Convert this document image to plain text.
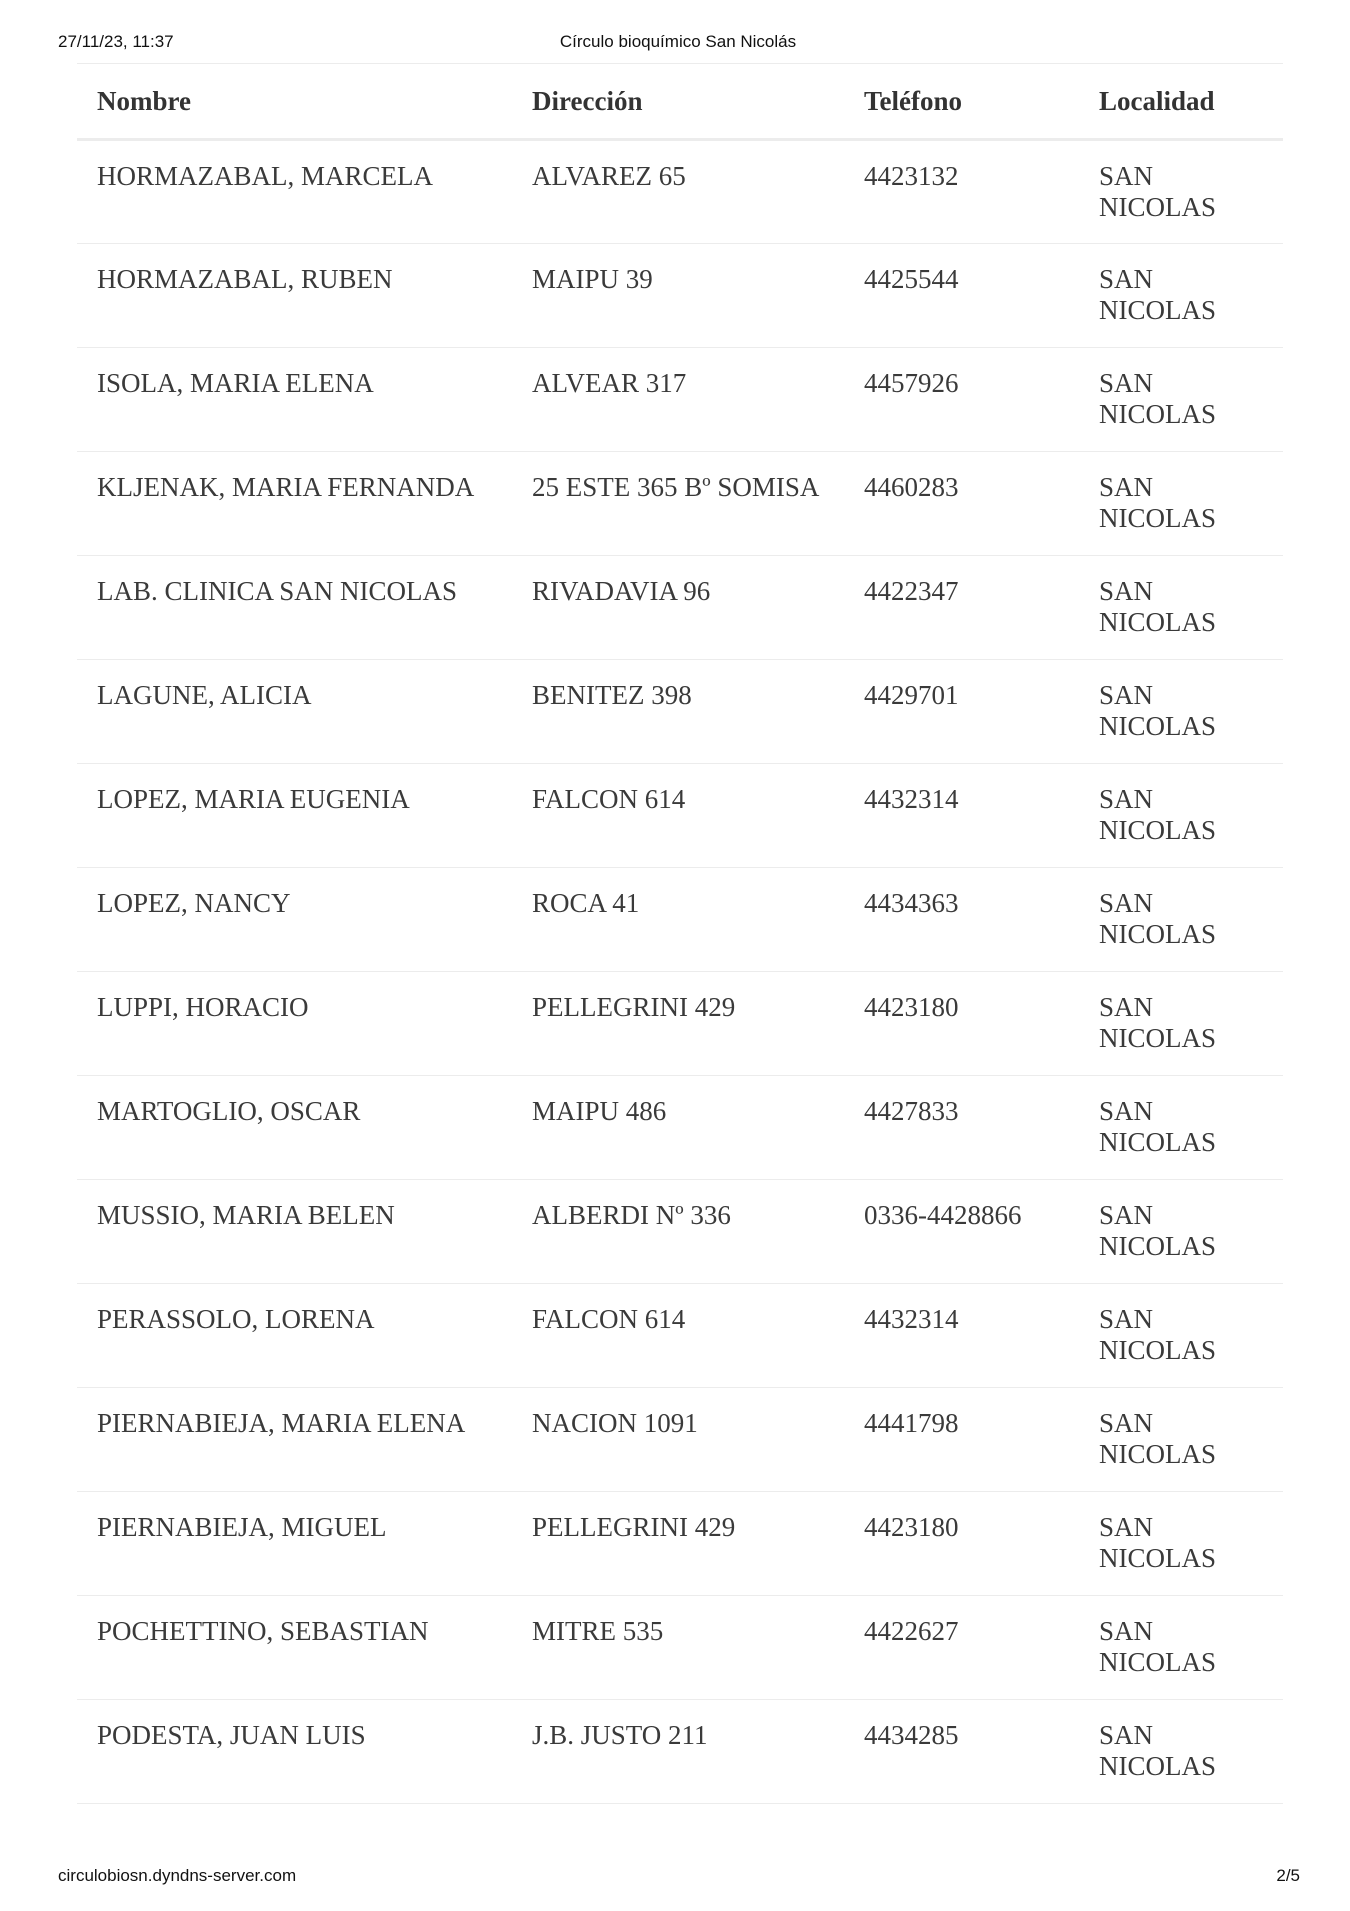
27/11/23, 11:37	Círculo bioquímico San Nicolás
Nombre	Dirección	Teléfono	Localidad
HORMAZABAL, MARCELA	ALVAREZ 65	4423132	SAN NICOLAS
HORMAZABAL, RUBEN	MAIPU 39	4425544	SAN NICOLAS
ISOLA, MARIA ELENA	ALVEAR 317	4457926	SAN NICOLAS
KLJENAK, MARIA FERNANDA	25 ESTE 365 Bº SOMISA	4460283	SAN NICOLAS
LAB. CLINICA SAN NICOLAS	RIVADAVIA 96	4422347	SAN NICOLAS
LAGUNE, ALICIA	BENITEZ 398	4429701	SAN NICOLAS
LOPEZ, MARIA EUGENIA	FALCON 614	4432314	SAN NICOLAS
LOPEZ, NANCY	ROCA 41	4434363	SAN NICOLAS
LUPPI, HORACIO	PELLEGRINI 429	4423180	SAN NICOLAS
MARTOGLIO, OSCAR	MAIPU 486	4427833	SAN NICOLAS
MUSSIO, MARIA BELEN	ALBERDI Nº 336	0336-4428866	SAN NICOLAS
PERASSOLO, LORENA	FALCON 614	4432314	SAN NICOLAS
PIERNABIEJA, MARIA ELENA	NACION 1091	4441798	SAN NICOLAS
PIERNABIEJA, MIGUEL	PELLEGRINI 429	4423180	SAN NICOLAS
POCHETTINO, SEBASTIAN	MITRE 535	4422627	SAN NICOLAS
PODESTA, JUAN LUIS	J.B. JUSTO 211	4434285	SAN NICOLAS
circulobiosn.dyndns-server.com	2/5
